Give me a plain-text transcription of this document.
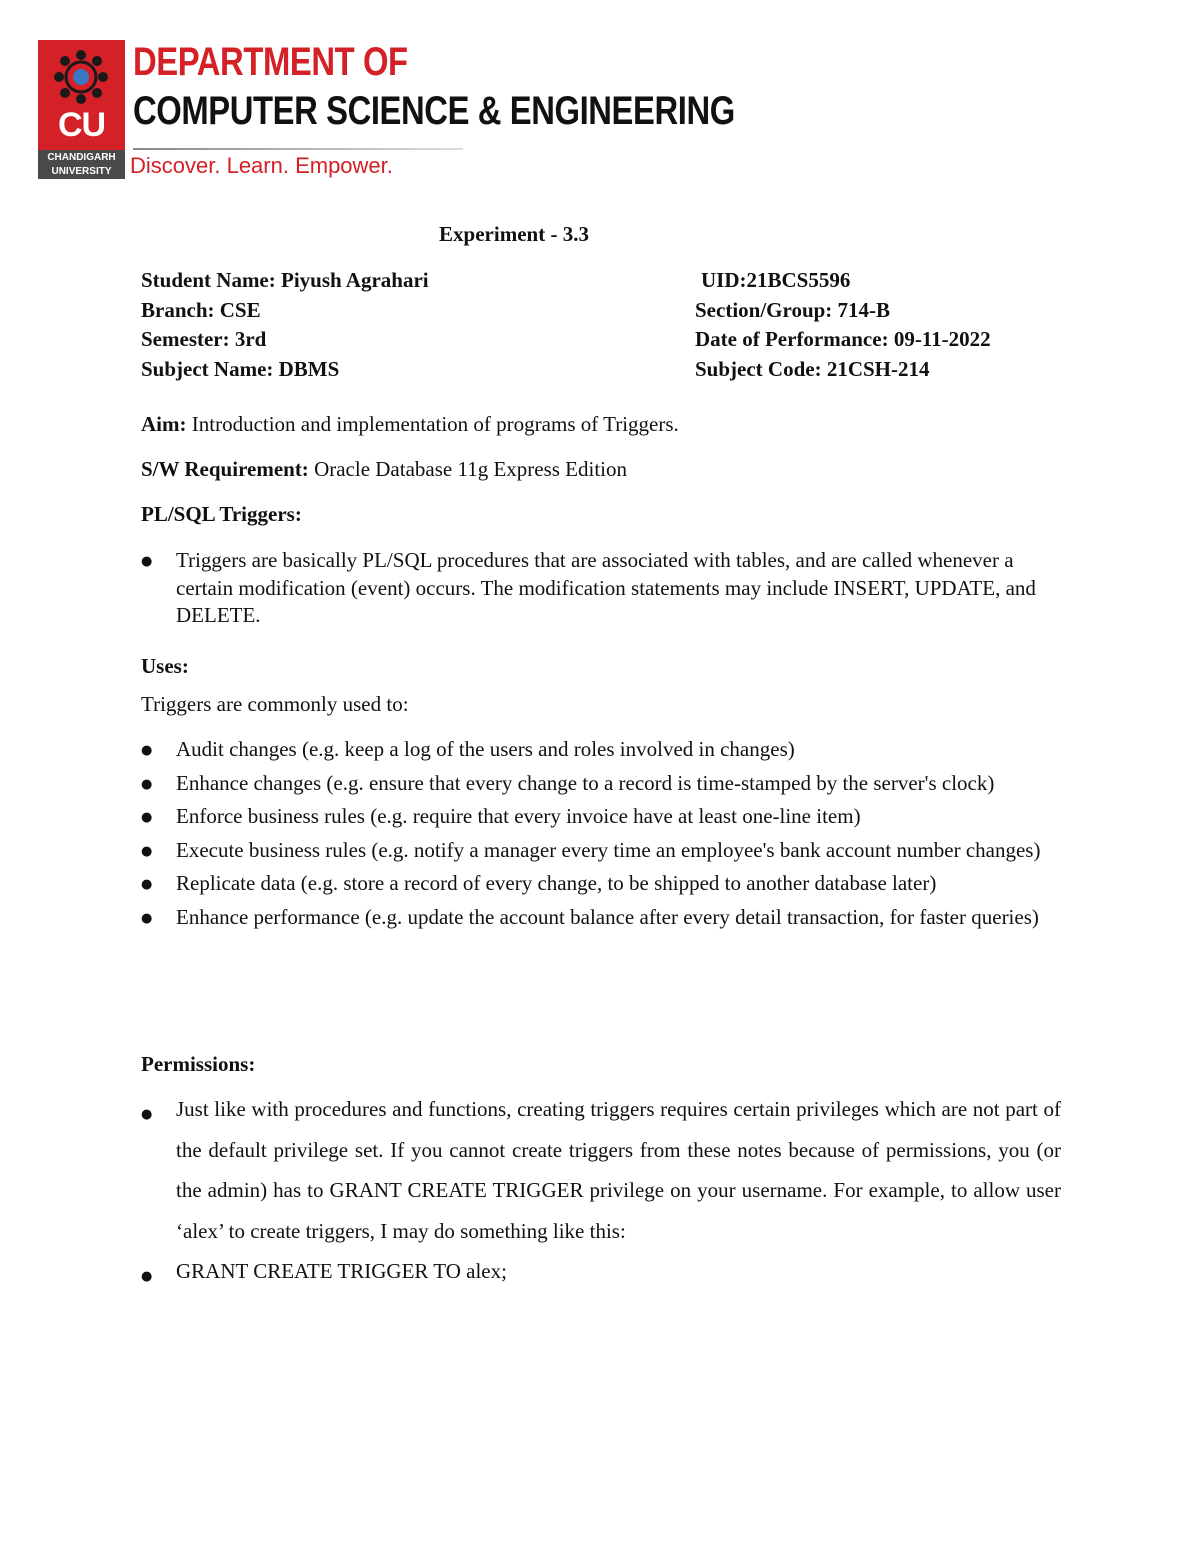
CU
CHANDIGARH
UNIVERSITY
DEPARTMENT OF
COMPUTER SCIENCE & ENGINEERING
Discover. Learn. Empower.
Experiment - 3.3
Student Name: Piyush Agrahari
Branch: CSE
Semester: 3rd
Subject Name: DBMS
UID:21BCS5596
Section/Group: 714-B
Date of Performance: 09-11-2022
Subject Code: 21CSH-214
Aim: Introduction and implementation of programs of Triggers.
S/W Requirement: Oracle Database 11g Express Edition
PL/SQL Triggers:
● Triggers are basically PL/SQL procedures that are associated with tables, and are called whenever a certain modification (event) occurs. The modification statements may include INSERT, UPDATE, and DELETE.
Uses:
Triggers are commonly used to:
● Audit changes (e.g. keep a log of the users and roles involved in changes)
● Enhance changes (e.g. ensure that every change to a record is time-stamped by the server's clock)
● Enforce business rules (e.g. require that every invoice have at least one-line item)
● Execute business rules (e.g. notify a manager every time an employee's bank account number changes)
● Replicate data (e.g. store a record of every change, to be shipped to another database later)
● Enhance performance (e.g. update the account balance after every detail transaction, for faster queries)
Permissions:
● Just like with procedures and functions, creating triggers requires certain privileges which are not part of the default privilege set. If you cannot create triggers from these notes because of permissions, you (or the admin) has to GRANT CREATE TRIGGER privilege on your username. For example, to allow user ‘alex’ to create triggers, I may do something like this:
● GRANT CREATE TRIGGER TO alex;
